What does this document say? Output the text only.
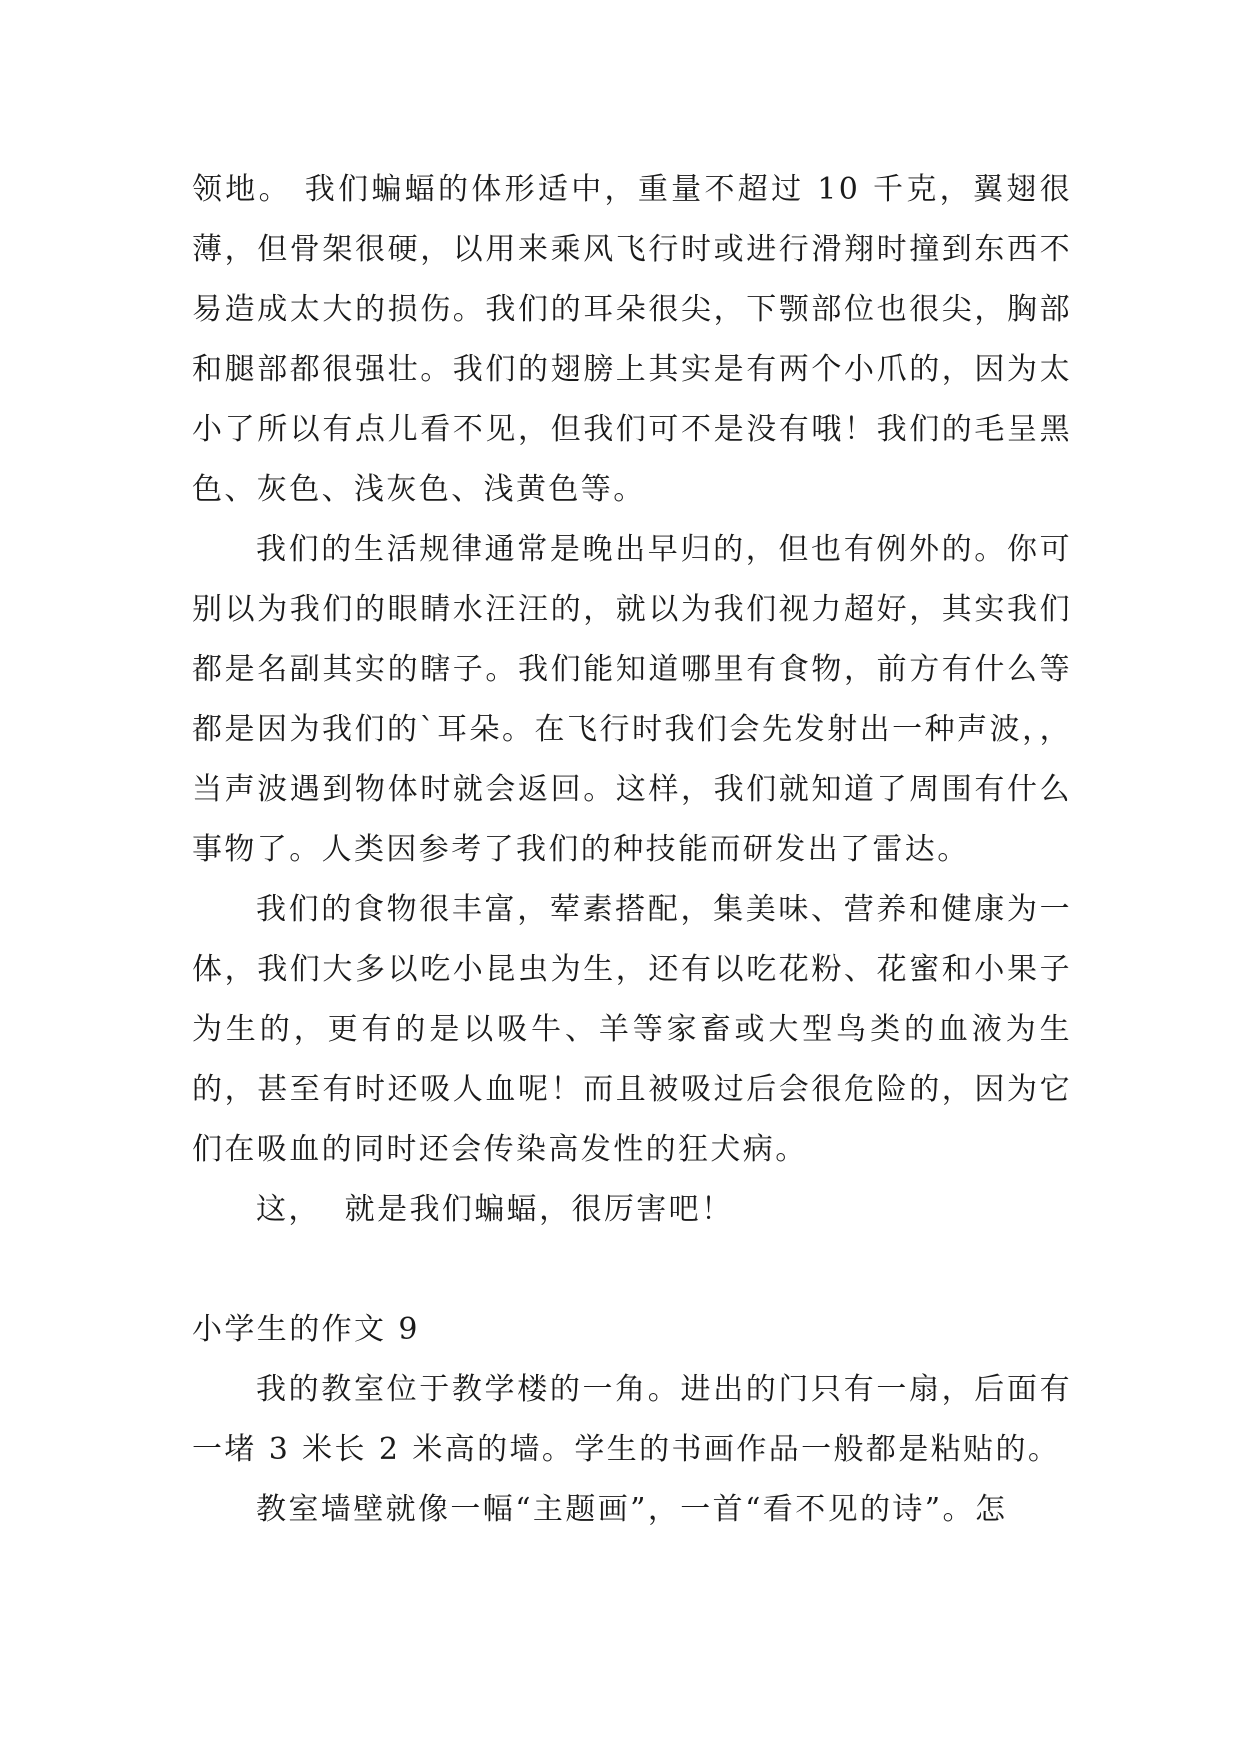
领地。 我们蝙蝠的体形适中，重量不超过 10 千克，翼翅很薄，但骨架很硬，以用来乘风飞行时或进行滑翔时撞到东西不易造成太大的损伤。我们的耳朵很尖，下颚部位也很尖，胸部和腿部都很强壮。我们的翅膀上其实是有两个小爪的，因为太小了所以有点儿看不见，但我们可不是没有哦！我们的毛呈黑色、灰色、浅灰色、浅黄色等。

我们的生活规律通常是晚出早归的，但也有例外的。你可别以为我们的眼睛水汪汪的，就以为我们视力超好，其实我们都是名副其实的瞎子。我们能知道哪里有食物，前方有什么等都是因为我们的`耳朵。在飞行时我们会先发射出一种声波，，当声波遇到物体时就会返回。这样，我们就知道了周围有什么事物了。人类因参考了我们的种技能而研发出了雷达。

我们的食物很丰富，荤素搭配，集美味、营养和健康为一体，我们大多以吃小昆虫为生，还有以吃花粉、花蜜和小果子为生的，更有的是以吸牛、羊等家畜或大型鸟类的血液为生的，甚至有时还吸人血呢！而且被吸过后会很危险的，因为它们在吸血的同时还会传染高发性的狂犬病。

这，  就是我们蝙蝠，很厉害吧！

小学生的作文 9

我的教室位于教学楼的一角。进出的门只有一扇，后面有一堵 3 米长 2 米高的墙。学生的书画作品一般都是粘贴的。

教室墙壁就像一幅“主题画”，一首“看不见的诗”。怎
